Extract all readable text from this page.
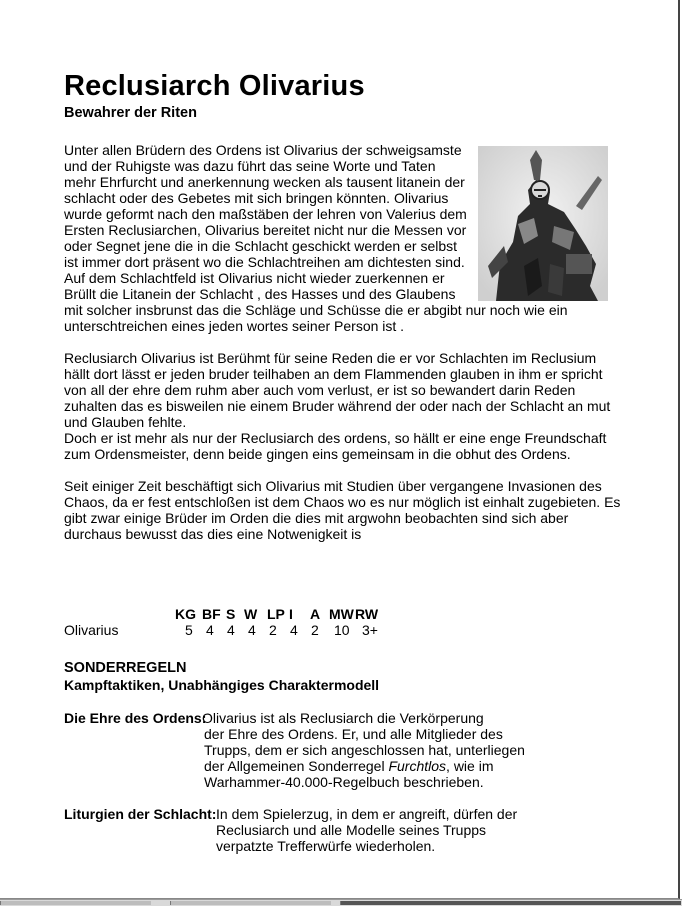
Reclusiarch Olivarius
Bewahrer der Riten

Unter allen Brüdern des Ordens ist Olivarius der schweigsamste und der Ruhigste was dazu führt das seine Worte und Taten mehr Ehrfurcht und anerkennung wecken als tausent litanein der schlacht oder des Gebetes mit sich bringen könnten. Olivarius wurde geformt nach den maßstäben der lehren von Valerius dem Ersten Reclusiarchen, Olivarius bereitet nicht nur die Messen vor oder Segnet jene die in die Schlacht geschickt werden er selbst ist immer dort präsent wo die Schlachtreihen am dichtesten sind. Auf dem Schlachtfeld ist Olivarius nicht wieder zuerkennen er Brüllt die Litanein der Schlacht , des Hasses und des Glaubens mit solcher insbrunst das die Schläge und Schüsse die er abgibt nur noch wie ein unterschtreichen eines jeden wortes seiner Person ist .

Reclusiarch Olivarius ist Berühmt für seine Reden die er vor Schlachten im Reclusium hällt dort lässt er jeden bruder teilhaben an dem Flammenden glauben in ihm er spricht von all der ehre dem ruhm aber auch vom verlust, er ist so bewandert darin Reden zuhalten das es bisweilen nie einem Bruder während der oder nach der Schlacht an mut und Glauben fehlte.

Doch er ist mehr als nur der Reclusiarch des ordens, so hällt er eine enge Freundschaft zum Ordensmeister, denn beide gingen eins gemeinsam in die obhut des Ordens.

Seit einiger Zeit beschäftigt sich Olivarius mit Studien über vergangene Invasionen des Chaos, da er fest entschloßen ist dem Chaos wo es nur möglich ist einhalt zugebieten. Es gibt zwar einige Brüder im Orden die dies mit argwohn beobachten sind sich aber durchaus bewusst das dies eine Notwenigkeit is

Olivarius
KG BF S W LP I A MW RW
5 4 4 4 2 4 2 10 3+
SONDERREGELN
Kampftaktiken, Unabhängiges Charaktermodell
Die Ehre des Ordens:
Olivarius ist als Reclusiarch die Verkörperung
der Ehre des Ordens. Er, und alle Mitglieder des
Trupps, dem er sich angeschlossen hat, unterliegen
der Allgemeinen Sonderregel Furchtlos, wie im
Warhammer-40.000-Regelbuch beschrieben.
Liturgien der Schlacht: In dem Spielerzug, in dem er angreift, dürfen der
Reclusiarch und alle Modelle seines Trupps
verpatzte Trefferwürfe wiederholen.
